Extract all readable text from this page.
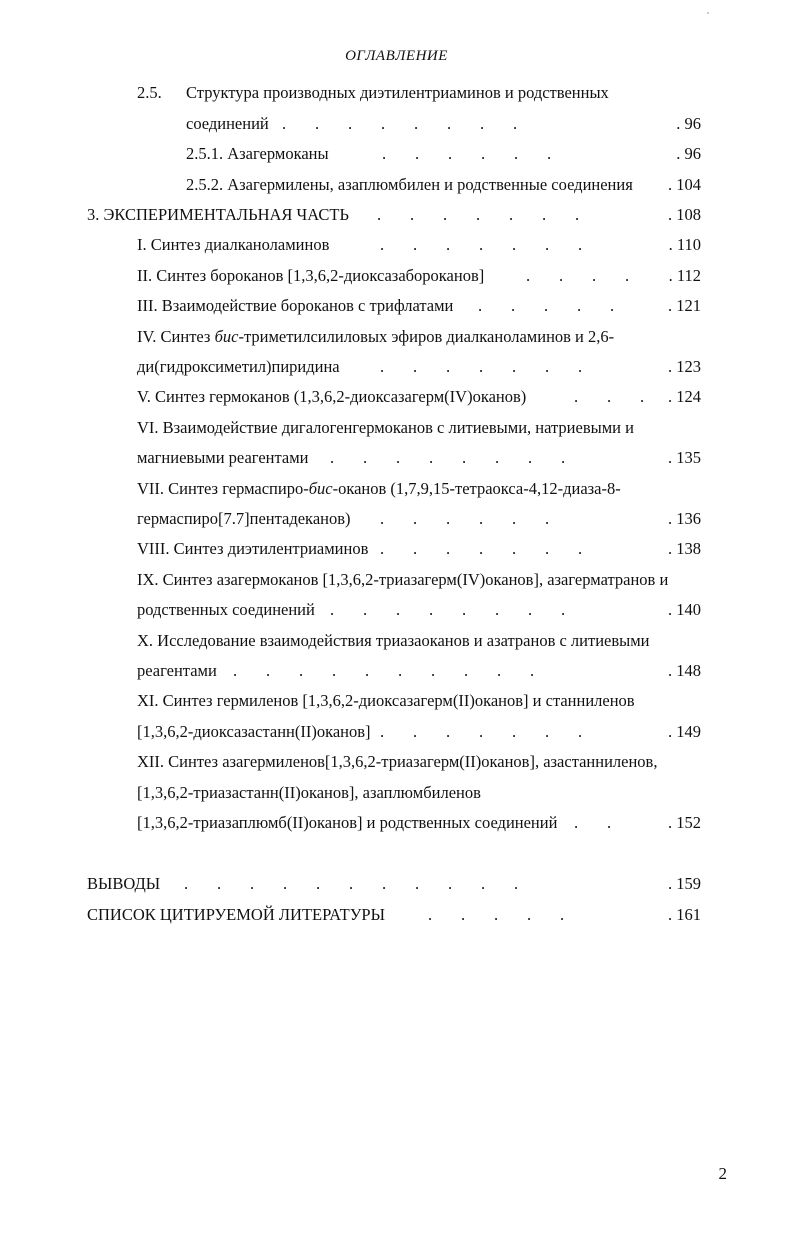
ОГЛАВЛЕНИЕ
2.5. Структура производных диэтилентриаминов и родственных
соединений .       .       .       .       .       .       .       .	. 96
2.5.1. Азагермоканы	.       .       .       .       .       .	. 96
2.5.2. Азагермилены, азаплюмбилен и родственные соединения . 104
3. ЭКСПЕРИМЕНТАЛЬНАЯ ЧАСТЬ .       .       .       .       .       .       .	. 108
I. Синтез диалканоламинов	.       .       .       .       .       .       .	. 110
II. Синтез бороканов [1,3,6,2-диоксазабороканов]	.       .       .       . . 112
III. Взаимодействие бороканов с трифлатами .       .       .       .       .	. 121
IV. Синтез бис-триметилсилиловых эфиров диалканоламинов и 2,6-
ди(гидроксиметил)пиридина .       .       .       .       .       .       .	. 123
V. Синтез гермоканов (1,3,6,2-диоксазагерм(IV)оканов)	.       .       . . 124
VI. Взаимодействие дигалогенгермоканов с литиевыми, натриевыми и
магниевыми реагентами .       .       .       .       .       .       .       .	. 135
VII. Синтез гермаспиро-бис-оканов (1,7,9,15-тетраокса-4,12-диаза-8-
гермаспиро[7.7]пентадеканов) .       .       .       .       .       .	. 136
VIII. Синтез диэтилентриаминов .       .       .       .       .       .       .	. 138
IX. Синтез азагермоканов [1,3,6,2-триазагерм(IV)оканов], азагерматранов и
родственных соединений .       .       .       .       .       .       .       .	. 140
X. Исследование взаимодействия триазаоканов и азатранов с литиевыми
реагентами .       .       .       .       .       .       .       .       .       .	. 148
XI. Синтез гермиленов [1,3,6,2-диоксазагерм(II)оканов] и станниленов
[1,3,6,2-диоксазастанн(II)оканов] .       .       .       .       .       .       .	. 149
XII. Синтез азагермиленов[1,3,6,2-триазагерм(II)оканов], азастанниленов,
[1,3,6,2-триазастанн(II)оканов], азаплюмбиленов
[1,3,6,2-триазаплюмб(II)оканов] и родственных соединений .       .	. 152
ВЫВОДЫ .       .       .       .       .       .       .       .       .       .       .	. 159
СПИСОК ЦИТИРУЕМОЙ ЛИТЕРАТУРЫ	.       .       .       .       .	. 161
2
